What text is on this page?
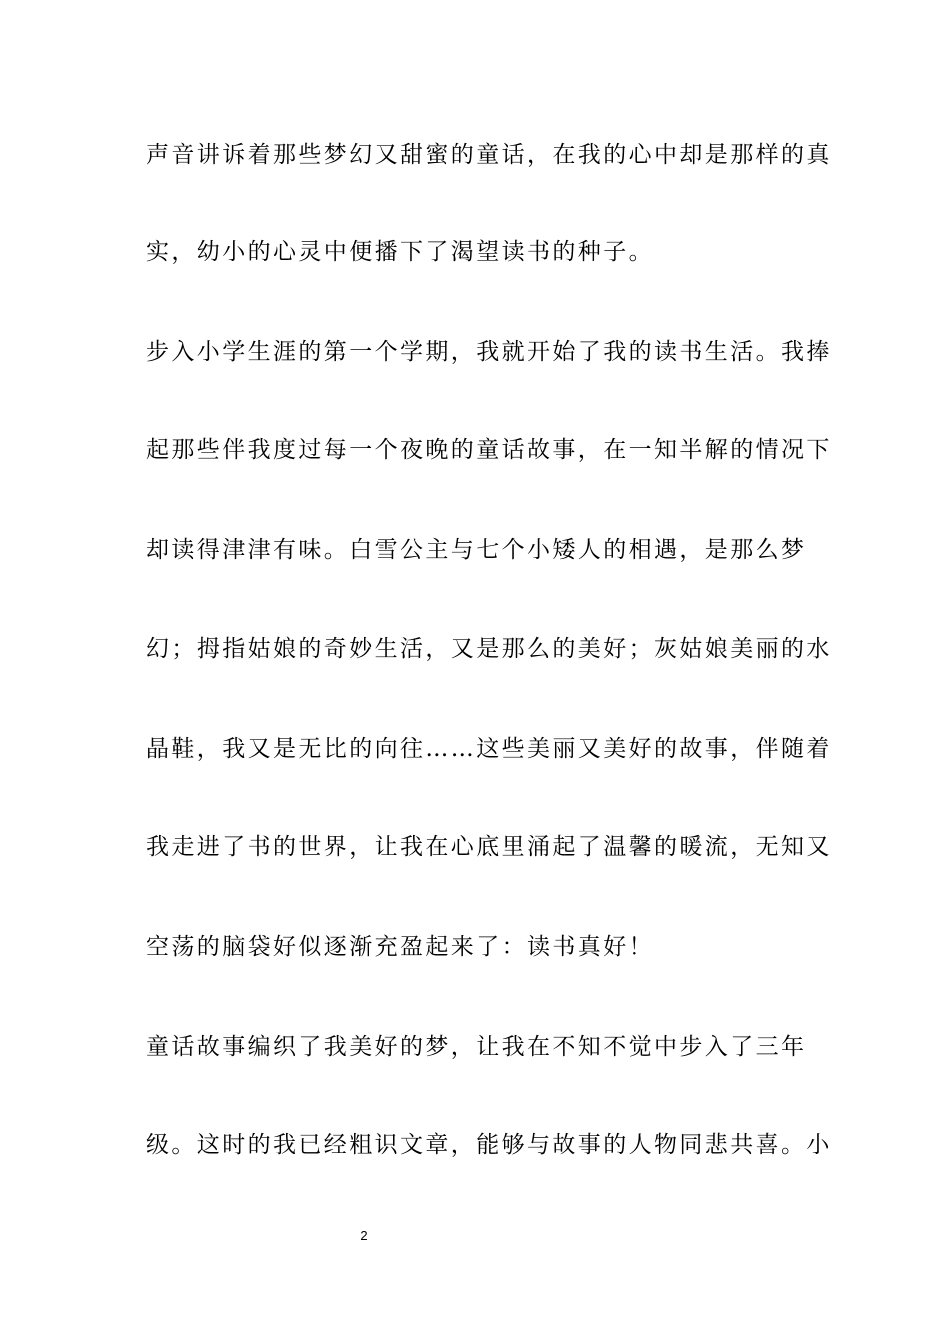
声音讲诉着那些梦幻又甜蜜的童话，在我的心中却是那样的真
实，幼小的心灵中便播下了渴望读书的种子。
步入小学生涯的第一个学期，我就开始了我的读书生活。我捧
起那些伴我度过每一个夜晚的童话故事，在一知半解的情况下
却读得津津有味。白雪公主与七个小矮人的相遇，是那么梦
幻；拇指姑娘的奇妙生活，又是那么的美好；灰姑娘美丽的水
晶鞋，我又是无比的向往……这些美丽又美好的故事，伴随着
我走进了书的世界，让我在心底里涌起了温馨的暖流，无知又
空荡的脑袋好似逐渐充盈起来了：读书真好！
童话故事编织了我美好的梦，让我在不知不觉中步入了三年
级。这时的我已经粗识文章，能够与故事的人物同悲共喜。小
2
